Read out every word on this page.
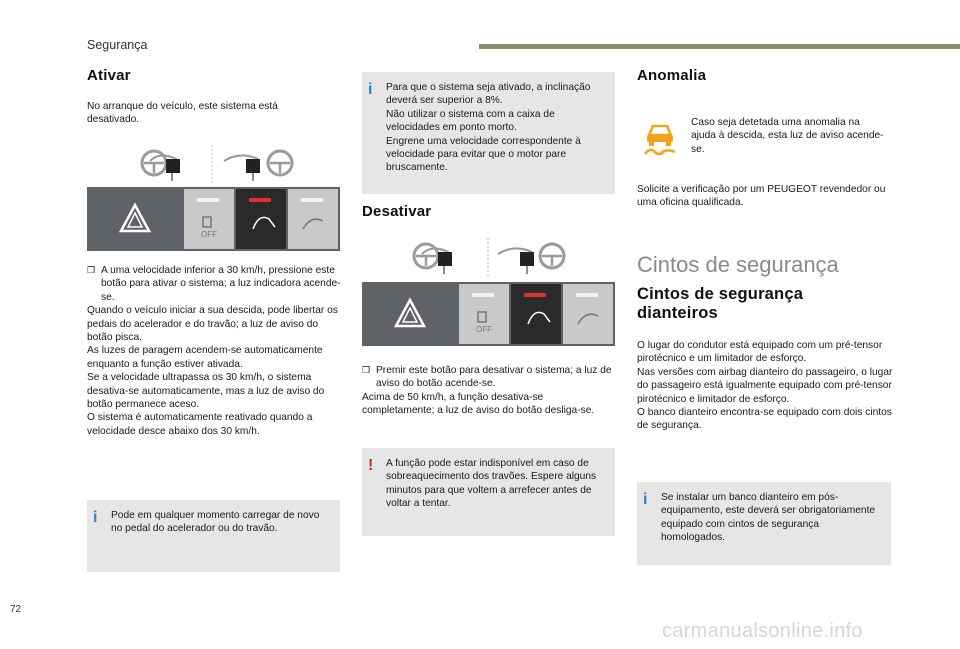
Segurança
Ativar
No arranque do veículo, este sistema está desativado.
OFF
❒ A uma velocidade inferior a 30 km/h, pressione este botão para ativar o sistema; a luz indicadora acende-se.

Quando o veículo iniciar a sua descida, pode libertar os pedais do acelerador e do travão; a luz de aviso do botão pisca.

As luzes de paragem acendem-se automaticamente enquanto a função estiver ativada.

Se a velocidade ultrapassa os 30 km/h, o sistema desativa-se automaticamente, mas a luz de aviso do botão permanece aceso.

O sistema é automaticamente reativado quando a velocidade desce abaixo dos 30 km/h.

i Pode em qualquer momento carregar de novo no pedal do acelerador ou do travão.
i Para que o sistema seja ativado, a inclinação deverá ser superior a 8%.

Não utilizar o sistema com a caixa de velocidades em ponto morto.

Engrene uma velocidade correspondente à velocidade para evitar que o motor pare bruscamente.

Desativar
OFF
❒ Premir este botão para desativar o sistema; a luz de aviso do botão acende-se.

Acima de 50 km/h, a função desativa-se completamente; a luz de aviso do botão desliga-se.

! A função pode estar indisponível em caso de sobreaquecimento dos travões. Espere alguns minutos para que voltem a arrefecer antes de voltar a tentar.
Anomalia
Caso seja detetada uma anomalia na ajuda à descida, esta luz de aviso acende-se.
Solicite a verificação por um PEUGEOT revendedor ou uma oficina qualificada.
Cintos de segurança
Cintos de segurança dianteiros

O lugar do condutor está equipado com um pré-tensor pirotécnico e um limitador de esforço.

Nas versões com airbag dianteiro do passageiro, o lugar do passageiro está igualmente equipado com pré-tensor pirotécnico e limitador de esforço.

O banco dianteiro encontra-se equipado com dois cintos de segurança.

i Se instalar um banco dianteiro em pós-equipamento, este deverá ser obrigatoriamente equipado com cintos de segurança homologados.
72
carmanualsonline.info
